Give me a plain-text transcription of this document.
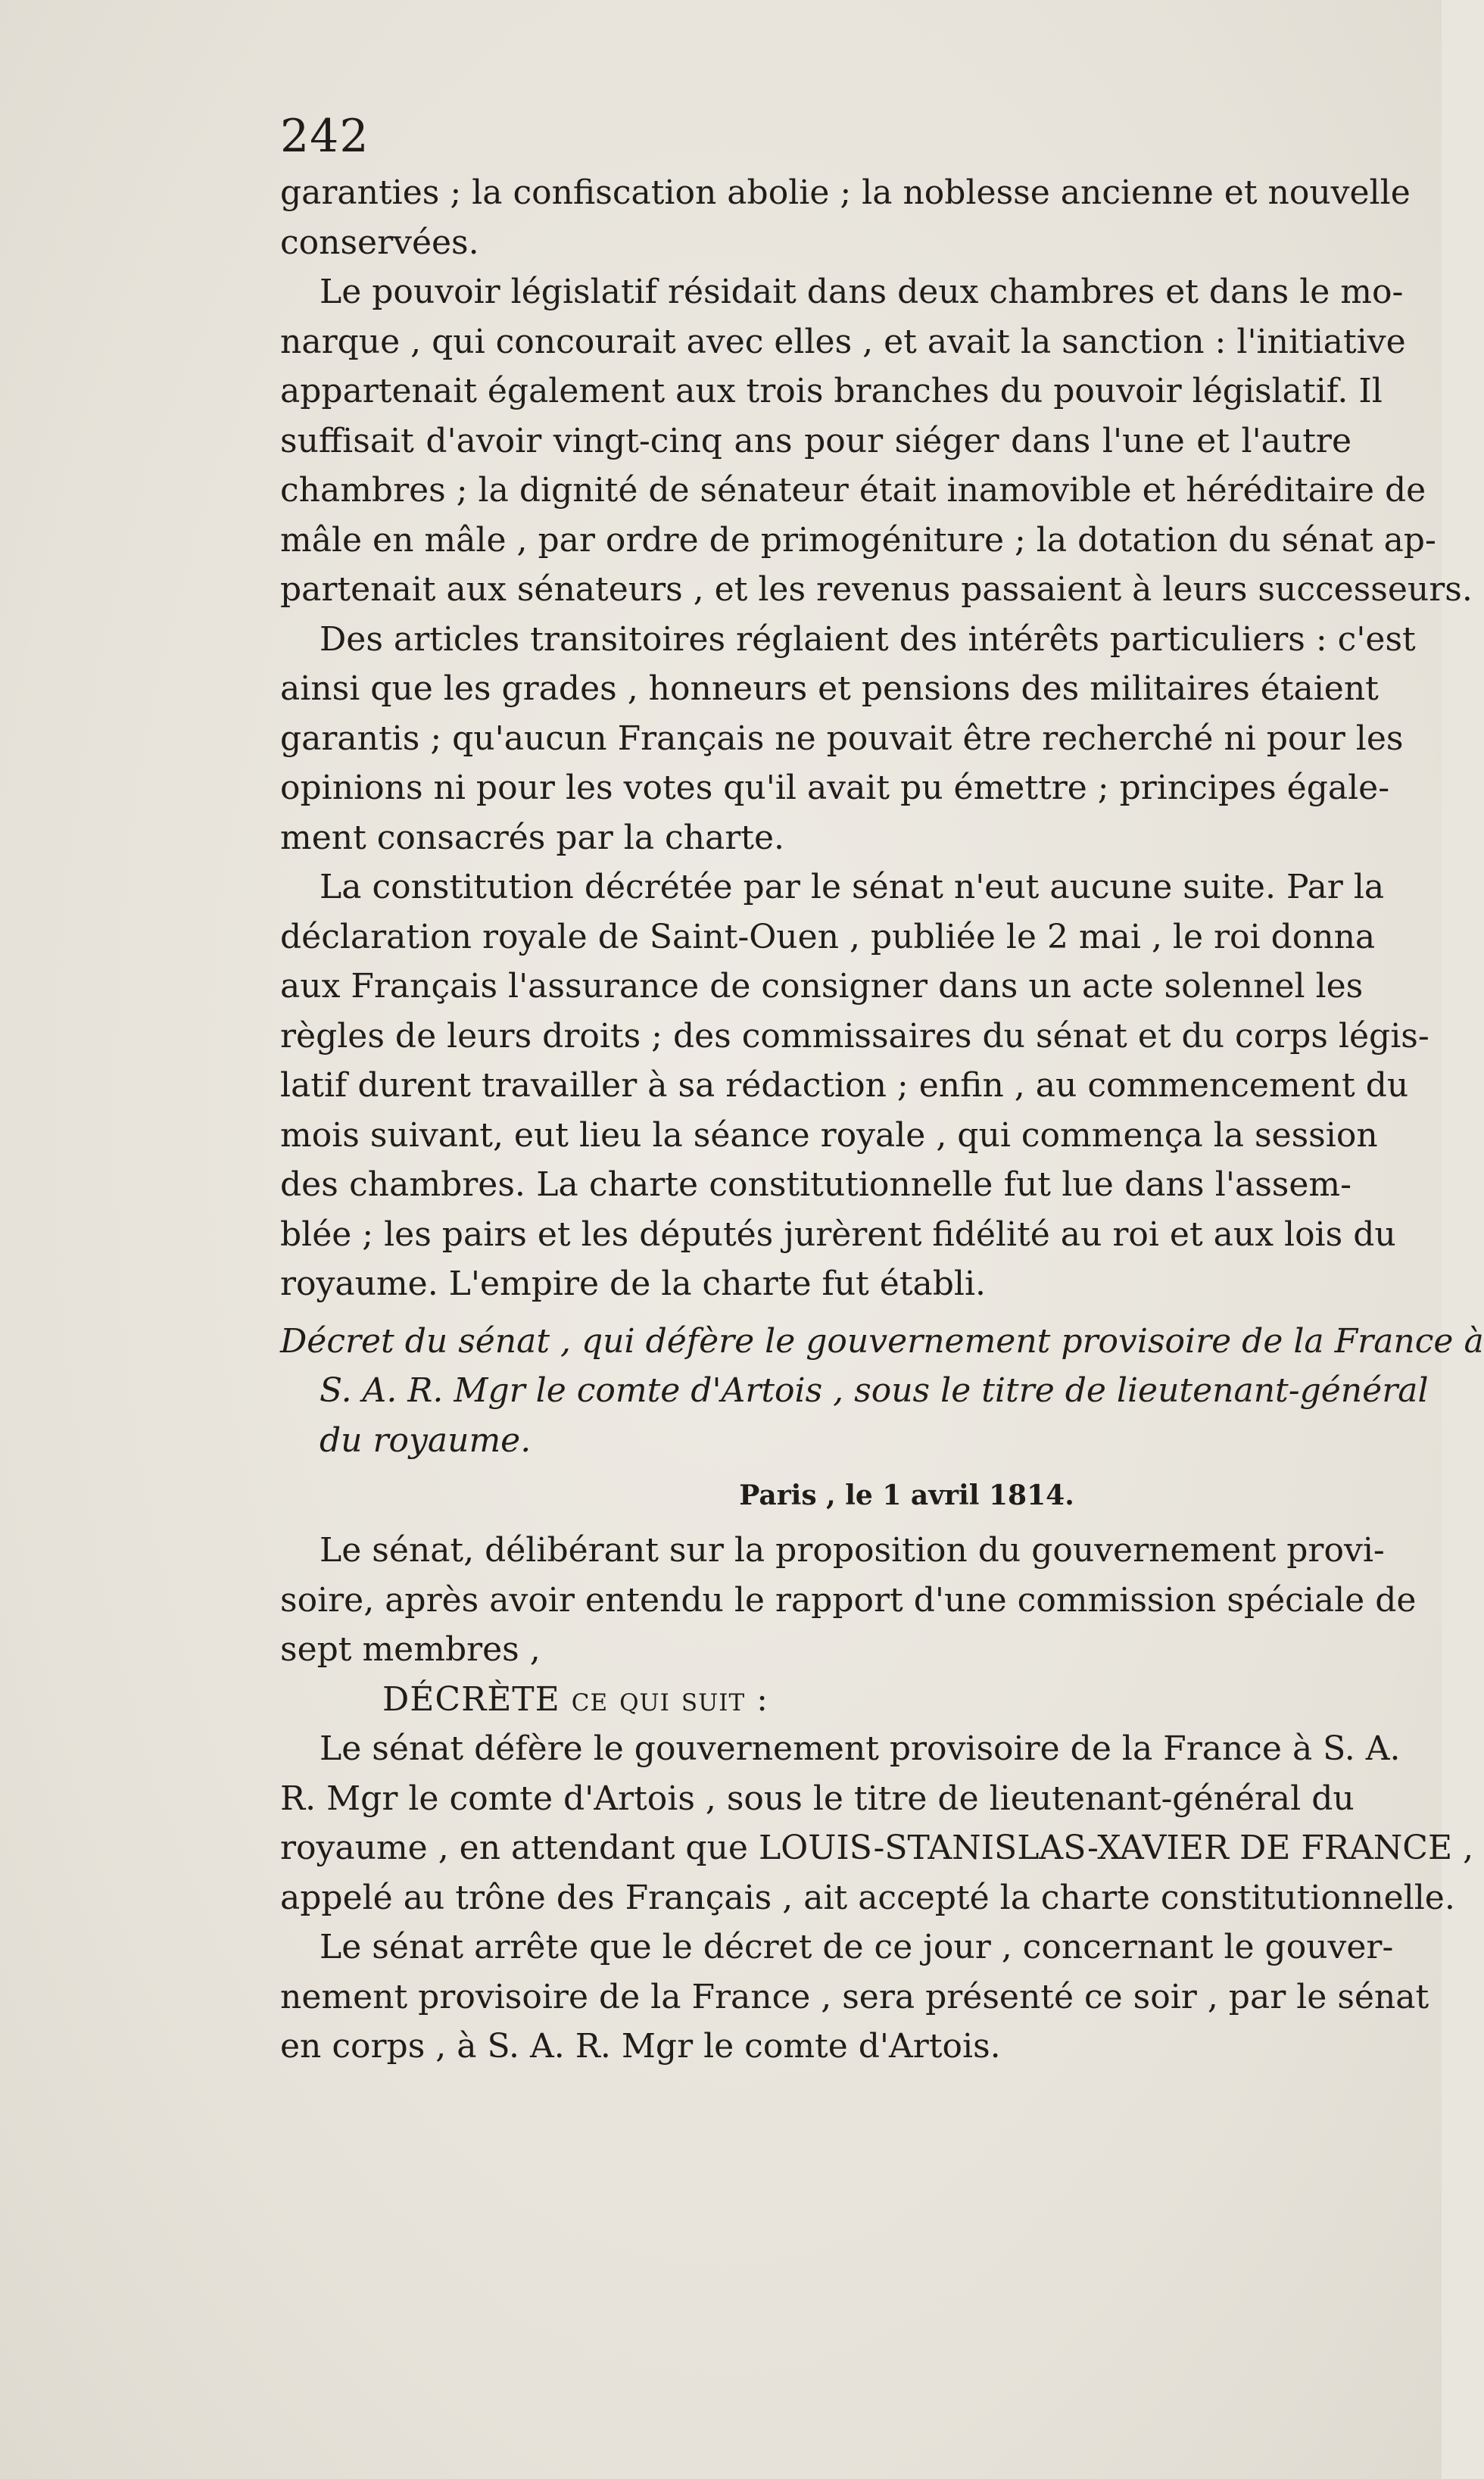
242
garanties ; la confiscation abolie ; la noblesse ancienne et nouvelle
conservées.
Le pouvoir législatif résidait dans deux chambres et dans le mo-
narque , qui concourait avec elles , et avait la sanction : l'initiative
appartenait également aux trois branches du pouvoir législatif. Il
suffisait d'avoir vingt-cinq ans pour siéger dans l'une et l'autre
chambres ; la dignité de sénateur était inamovible et héréditaire de
mâle en mâle , par ordre de primogéniture ; la dotation du sénat ap-
partenait aux sénateurs , et les revenus passaient à leurs successeurs.
Des articles transitoires réglaient des intérêts particuliers : c'est
ainsi que les grades , honneurs et pensions des militaires étaient
garantis ; qu'aucun Français ne pouvait être recherché ni pour les
opinions ni pour les votes qu'il avait pu émettre ; principes égale-
ment consacrés par la charte.
La constitution décrétée par le sénat n'eut aucune suite. Par la
déclaration royale de Saint-Ouen , publiée le 2 mai , le roi donna
aux Français l'assurance de consigner dans un acte solennel les
règles de leurs droits ; des commissaires du sénat et du corps légis-
latif durent travailler à sa rédaction ; enfin , au commencement du
mois suivant, eut lieu la séance royale , qui commença la session
des chambres. La charte constitutionnelle fut lue dans l'assem-
blée ; les pairs et les députés jurèrent fidélité au roi et aux lois du
royaume. L'empire de la charte fut établi.
Décret du sénat , qui défère le gouvernement provisoire de la France à
S. A. R. Mgr le comte d'Artois , sous le titre de lieutenant-général
du royaume.
Paris , le 1 avril 1814.
Le sénat, délibérant sur la proposition du gouvernement provi-
soire, après avoir entendu le rapport d'une commission spéciale de
sept membres ,
DÉCRÈTE ce qui suit :
Le sénat défère le gouvernement provisoire de la France à S. A.
R. Mgr le comte d'Artois , sous le titre de lieutenant-général du
royaume , en attendant que LOUIS-STANISLAS-XAVIER DE FRANCE ,
appelé au trône des Français , ait accepté la charte constitutionnelle.
Le sénat arrête que le décret de ce jour , concernant le gouver-
nement provisoire de la France , sera présenté ce soir , par le sénat
en corps , à S. A. R. Mgr le comte d'Artois.
